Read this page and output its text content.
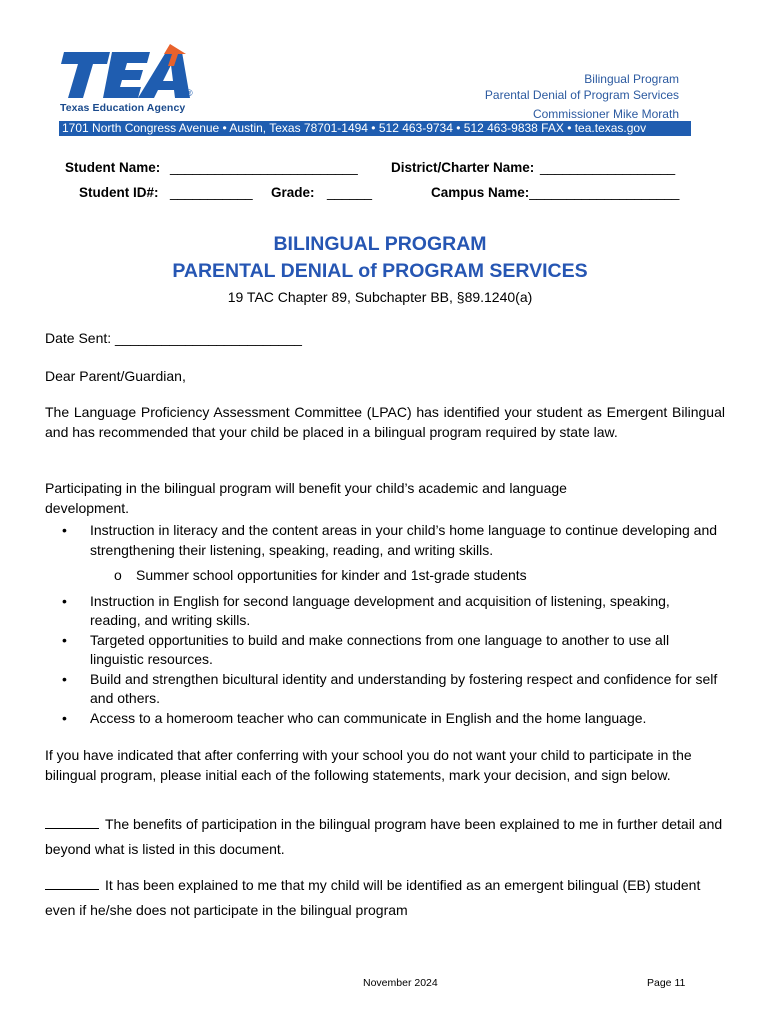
®
Texas Education Agency
Bilingual Program
Parental Denial of Program Services
Commissioner Mike Morath
1701 North Congress Avenue • Austin, Texas 78701-1494 • 512 463-9734 • 512 463-9838 FAX • tea.texas.gov
Student Name: _________________________ District/Charter Name: __________________
Student ID#: ___________ Grade: ______	Campus Name:____________________
BILINGUAL PROGRAM
PARENTAL DENIAL of PROGRAM SERVICES
19 TAC Chapter 89, Subchapter BB, §89.1240(a)
Date Sent: ________________________
Dear Parent/Guardian,
The Language Proficiency Assessment Committee (LPAC) has identified your student as Emergent Bilingual and has recommended that your child be placed in a bilingual program required by state law.
Participating in the bilingual program will benefit your child’s academic and language development.
• Instruction in literacy and the content areas in your child’s home language to continue developing and strengthening their listening, speaking, reading, and writing skills.
o Summer school opportunities for kinder and 1st-grade students
• Instruction in English for second language development and acquisition of listening, speaking, reading, and writing skills.
• Targeted opportunities to build and make connections from one language to another to use all linguistic resources.
• Build and strengthen bicultural identity and understanding by fostering respect and confidence for self and others.
• Access to a homeroom teacher who can communicate in English and the home language.
If you have indicated that after conferring with your school you do not want your child to participate in the bilingual program, please initial each of the following statements, mark your decision, and sign below.
The benefits of participation in the bilingual program have been explained to me in further detail and beyond what is listed in this document.
It has been explained to me that my child will be identified as an emergent bilingual (EB) student even if he/she does not participate in the bilingual program
November 2024	Page 11
